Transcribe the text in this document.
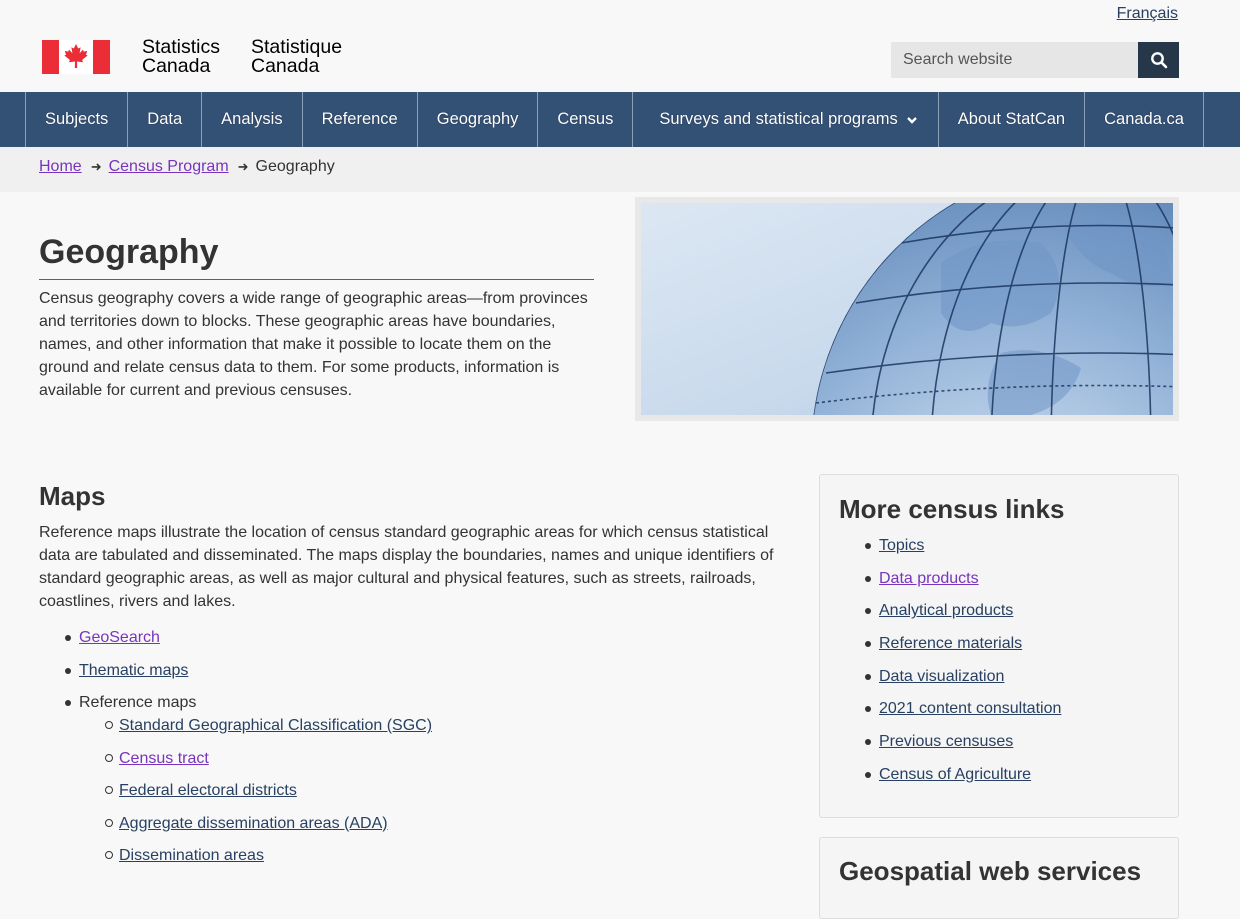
Français
Statistics
Canada
Statistique
Canada
Search website
Subjects	Data	Analysis	Reference	Geography	Census	Surveys and statistical programs	About StatCan	Canada.ca
Home ➜ Census Program ➜ Geography
Geography

Census geography covers a wide range of geographic areas—from provinces and territories down to blocks. These geographic areas have boundaries, names, and other information that make it possible to locate them on the ground and relate census data to them. For some products, information is available for current and previous censuses.

Maps

Reference maps illustrate the location of census standard geographic areas for which census statistical data are tabulated and disseminated. The maps display the boundaries, names and unique identifiers of standard geographic areas, as well as major cultural and physical features, such as streets, railroads, coastlines, rivers and lakes.

GeoSearch
Thematic maps
Reference maps
Standard Geographical Classification (SGC)
Census tract
Federal electoral districts
Aggregate dissemination areas (ADA)
Dissemination areas
More census links
Topics
Data products
Analytical products
Reference materials
Data visualization
2021 content consultation
Previous censuses
Census of Agriculture
Geospatial web services
